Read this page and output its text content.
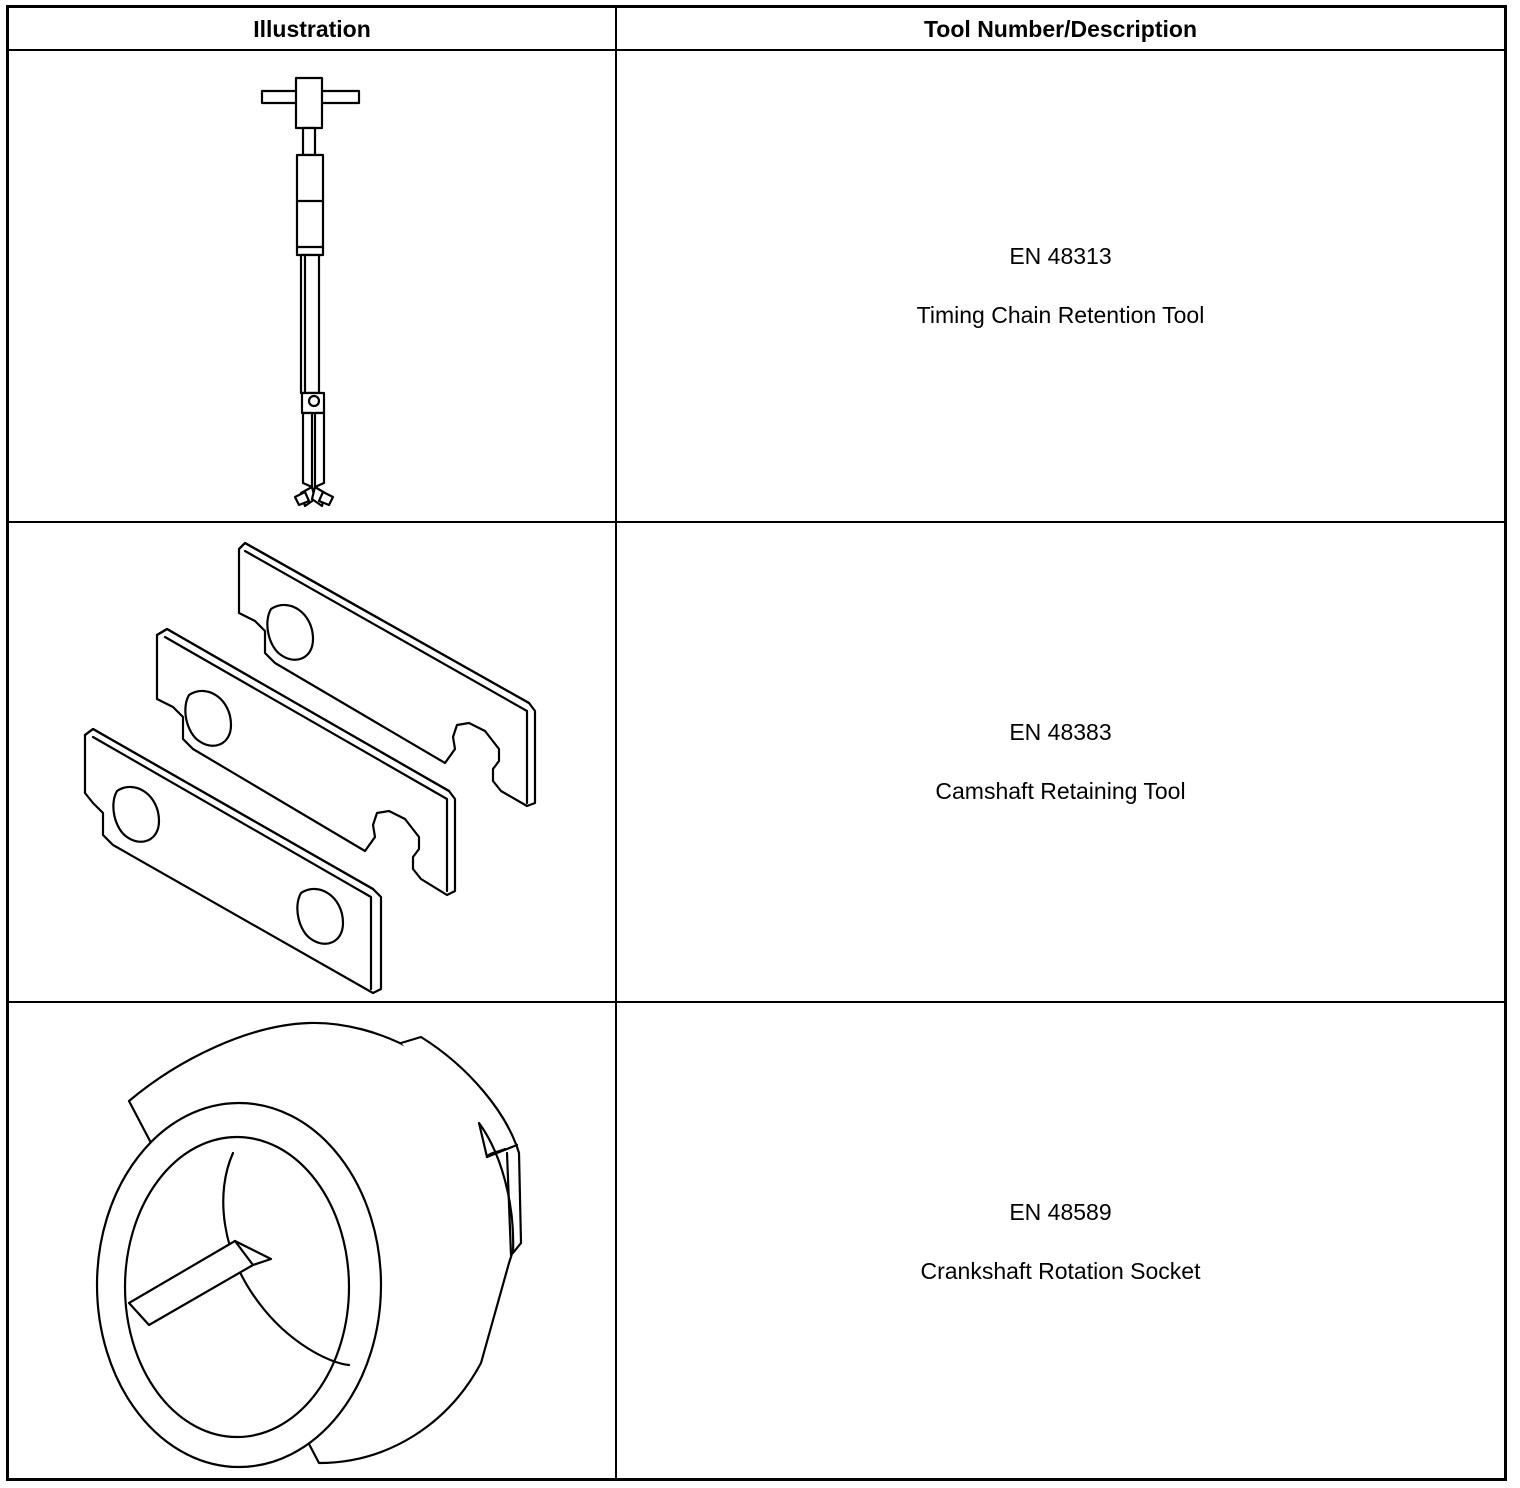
Illustration	Tool Number/Description
EN 48313
Timing Chain Retention Tool
EN 48383
Camshaft Retaining Tool
EN 48589
Crankshaft Rotation Socket
